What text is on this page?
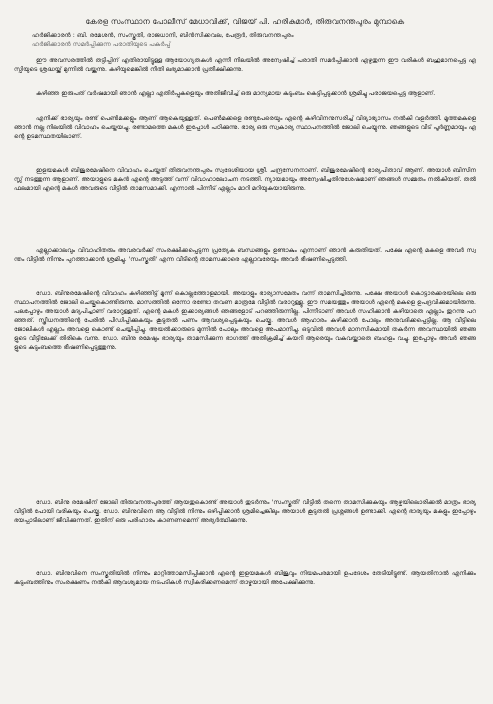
കേരള സംസ്ഥാന പോലീസ് മേധാവിക്ക്, വിജയ് പി. ഹരികുമാർ, തിരുവനന്തപുരം മുമ്പാകെ
ഹർജിക്കാരൻ : ബി. രമേശൻ, സംസ്കൃതി, രാജധാനി, ബിൻസിക്കവല, പേരൂർ, തിരുവനന്തപുരം
ഹർജിക്കാരൻ സമർപ്പിക്കുന്ന പരാതിയുടെ പകർപ്പ്

ഈ അവസരത്തിൽ തട്ടിപ്പിന് എതിരായിട്ടുള്ള ആയോഗ്യതകൾ എന്നീ നിലയിൽ അന്വേഷിച്ച് പരാതി സമർപ്പിക്കാൻ എഴുതുന്ന ഈ വരികൾ ബഹുമാനപ്പെട്ട എസ്പിയുടെ ശ്രദ്ധയ്ക്ക് മുന്നിൽ വയ്ക്കുന്നു. കഴിയുമെങ്കിൽ നീതി ലഭ്യമാക്കാൻ പ്രതീക്ഷിക്കുന്നു.

കഴിഞ്ഞ ഇരുപത് വർഷമായി ഞാൻ എല്ലാ എതിർപ്പുകളെയും അതിജീവിച്ച് ഒരു മാന്യമായ കുടുംബം കെട്ടിപ്പടുക്കാൻ ശ്രമിച്ചു പരാജയപ്പെട്ട ആളാണ്.

എനിക്ക് ഭാര്യയും രണ്ട് പെൺമക്കളും ആണ് ആകെയുള്ളത്. പെൺമക്കളെ രണ്ടുപേരെയും എന്റെ കഴിവിനനുസരിച്ച് വിദ്യാഭ്യാസം നൽകി വളർത്തി. മൂത്തമകളെ ഞാൻ നല്ല നിലയിൽ വിവാഹം ചെയ്തയച്ചു. രണ്ടാമത്തെ മകൾ ഇപ്പോൾ പഠിക്കുന്നു. ഭാര്യ ഒരു സ്വകാര്യ സ്ഥാപനത്തിൽ ജോലി ചെയ്യുന്നു. ഞങ്ങളുടെ വീട് പൂർണ്ണമായും എന്റെ ഉടമസ്ഥതയിലാണ്.

ഇളയമകൾ ബിജുരമേഷിനെ വിവാഹം ചെയ്തത് തിരുവനന്തപുരം സ്വദേശിയായ ശ്രീ. ചന്ദ്രസേനനാണ്. ബിജുരമേഷിന്റെ ഭാര്യപിതാവ് ആണ്. അയാൾ ബിസിനസ്സ് നടത്തുന്ന ആളാണ്. അയാളുടെ മകൻ എന്റെ അടുത്ത് വന്ന് വിവാഹാലോചന നടത്തി. ന്യായമായും അന്വേഷിച്ചതിനുശേഷമാണ് ഞങ്ങൾ സമ്മതം നൽകിയത്. തൽഫലമായി എന്റെ മകൾ അവരുടെ വീട്ടിൽ താമസമാക്കി. എന്നാൽ പിന്നീട് എല്ലാം മാറി മറിയുകയായിരുന്നു.

എല്ലാക്കാലവും വിവാഹിതരും അവരവർക്ക് സംരക്ഷിക്കപ്പെടുന്ന പ്രത്യേക ബന്ധങ്ങളും ഉണ്ടാകും എന്നാണ് ഞാൻ കരുതിയത്. പക്ഷേ എന്റെ മകളെ അവർ സ്വന്തം വീട്ടിൽ നിന്നും പുറത്താക്കാൻ ശ്രമിച്ചു. 'സംസ്കൃതി' എന്ന വീടിന്റെ താമസക്കാരെ എല്ലാവരേയും അവർ ഭീഷണിപ്പെടുത്തി.

ഡോ. ബിനുരമേഷിന്റെ വിവാഹം കഴിഞ്ഞിട്ട് മൂന്ന് കൊല്ലത്തോളമായി. അയാളും ഭാര്യാസമേതം വന്ന് താമസിച്ചിരുന്നു. പക്ഷേ അയാൾ കൊട്ടാരക്കരയിലെ ഒരു സ്ഥാപനത്തിൽ ജോലി ചെയ്തുകൊണ്ടിരുന്നു. മാസത്തിൽ ഒന്നോ രണ്ടോ തവണ മാത്രമേ വീട്ടിൽ വരാറുള്ളൂ. ഈ സമയത്തും അയാൾ എന്റെ മകളെ ഉപദ്രവിക്കുമായിരുന്നു. പലപ്പോഴും അയാൾ മദ്യപിച്ചാണ് വരാറുള്ളത്. എന്റെ മകൾ ഇക്കാര്യങ്ങൾ ഞങ്ങളോട് പറഞ്ഞിരുന്നില്ല. പിന്നീടാണ് അവൾ സഹിക്കാൻ കഴിയാതെ എല്ലാം തുറന്നു പറഞ്ഞത്. സ്ത്രീധനത്തിന്റെ പേരിൽ പീഡിപ്പിക്കുകയും കൂടുതൽ പണം ആവശ്യപ്പെടുകയും ചെയ്തു. അവൾ ആഹാരം കഴിക്കാൻ പോലും അനുവദിക്കപ്പെട്ടില്ല. ആ വീട്ടിലെ ജോലികൾ എല്ലാം അവളെ കൊണ്ട് ചെയ്യിപ്പിച്ചു. അയൽക്കാരുടെ മുന്നിൽ പോലും അവളെ അപമാനിച്ചു. ഒടുവിൽ അവൾ മാനസികമായി തകർന്ന അവസ്ഥയിൽ ഞങ്ങളുടെ വീട്ടിലേക്ക് തിരികെ വന്നു. ഡോ. ബിനു രമേഷും ഭാര്യയും താമസിക്കുന്ന ഭാഗത്ത് അതിക്രമിച്ച് കയറി ആരെയും വകവയ്ക്കാതെ ബഹളം വച്ചു. ഇപ്പോഴും അവർ ഞങ്ങളുടെ കുടുംബത്തെ ഭീഷണിപ്പെടുത്തുന്നു.

ഡോ. ബിനു രമേഷിന് ജോലി തിരുവനന്തപുരത്ത് ആയതുകൊണ്ട് അയാൾ തുടർന്നും 'സംസ്കൃതി' വീട്ടിൽ തന്നെ താമസിക്കുകയും ആഴ്ചയിലൊരിക്കൽ മാത്രം ഭാര്യവീട്ടിൽ പോയി വരികയും ചെയ്തു. ഡോ. ബിനുവിനെ ആ വീട്ടിൽ നിന്നും ഒഴിപ്പിക്കാൻ ശ്രമിച്ചെങ്കിലും അയാൾ കൂടുതൽ പ്രശ്നങ്ങൾ ഉണ്ടാക്കി. എന്റെ ഭാര്യയും മകളും ഇപ്പോഴും ഭയപ്പാടിലാണ് ജീവിക്കുന്നത്. ഇതിന് ഒരു പരിഹാരം കാണണമെന്ന് അഭ്യർത്ഥിക്കുന്നു.

ഡോ. ബിനുവിനെ സംസ്കൃതിയിൽ നിന്നും മാറ്റിത്താമസിപ്പിക്കാൻ എന്റെ ഇളയമകൾ ബിജുവും നിയമപരമായി ഉപദേശം തേടിയിട്ടുണ്ട്. ആയതിനാൽ എനിക്കും കുടുംബത്തിനും സംരക്ഷണം നൽകി ആവശ്യമായ നടപടികൾ സ്വീകരിക്കണമെന്ന് താഴ്മയായി അപേക്ഷിക്കുന്നു.
